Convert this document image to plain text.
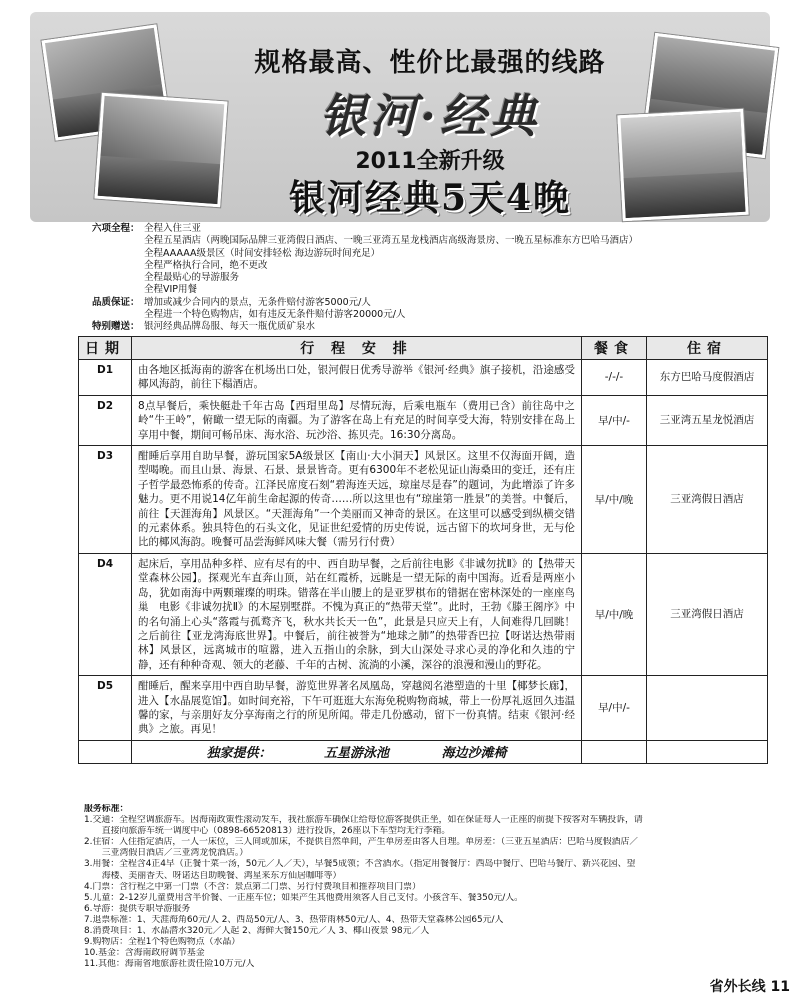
规格最高、性价比最强的线路
银河·经典
2011全新升级
银河经典5天4晚
六项全程： 全程入住三亚
全程五星酒店（两晚国际品牌三亚湾假日酒店、一晚三亚湾五星龙栈酒店高级海景房、一晚五星标准东方巴哈马酒店）
全程AAAAA级景区（时间安排轻松 海边游玩时间充足）
全程严格执行合同，绝不更改
全程最贴心的导游服务
全程VIP用餐
品质保证： 增加或减少合同内的景点，无条件赔付游客5000元/人
全程进一个特色购物店，如有违反无条件赔付游客20000元/人
特别赠送： 银河经典品牌岛服、每天一瓶优质矿泉水
日期	行 程 安 排	餐食	住宿
D1	由各地区抵海南的游客在机场出口处，银河假日优秀导游举《银河·经典》旗子接机，沿途感受椰风海韵，前往下榻酒店。	-/-/-	东方巴哈马度假酒店
D2	8点早餐后，乘快艇赴千年古岛【西瑁里岛】尽情玩海，后乘电瓶车（费用已含）前往岛中之岭“牛王岭”，俯瞰一望无际的南疆。为了游客在岛上有充足的时间享受大海，特别安排在岛上享用中餐，期间可畅吊床、海水浴、玩沙浴、拣贝壳。16:30分离岛。	早/中/-	三亚湾五星龙悦酒店
D3	酣睡后享用自助早餐，游玩国家5A级景区【南山·大小洞天】风景区。这里不仅海面开阔，造型喝晚。而且山景、海景、石景、景景皆奇。更有6300年不老松见证山海桑田的变迁，还有庄子哲学最恐怖系的传奇。江泽民席度石刻“碧海连天远，琼崖尽是春”的题词，为此增添了许多魅力。更不用说14亿年前生命起源的传奇……所以这里也有“琼崖第一胜景”的美誉。中餐后，前往【天涯海角】风景区。“天涯海角”一个美丽而又神奇的景区。在这里可以感受到纵横交错的元素体系。独具特色的石头文化，见证世纪爱情的历史传说，远古留下的坎坷身世，无与伦比的椰风海韵。晚餐可品尝海鲜风味大餐（需另行付费）	早/中/晚	三亚湾假日酒店
D4	起床后，享用品种多样、应有尽有的中、西自助早餐，之后前往电影《非诚勿扰Ⅱ》的【热带天堂森林公园】。探观光车直奔山顶，站在红霞桥，远眺是一望无际的南中国海。近看是两座小岛，犹如南海中两颗璀璨的明珠。错落在半山腰上的是亚罗棋布的错据在密林深处的一座座鸟巢　电影《非诚勿扰Ⅱ》的木屋别墅群。不愧为真正的“热带天堂”。此时，王勃《滕王阁序》中的名句涌上心头“落霞与孤鹜齐飞，秋水共长天一色”，此景是只应天上有，人间难得几回眺！之后前往【亚龙湾海底世界】。中餐后，前往被誉为“地球之肺”的热带香巴拉【呀诺达热带雨林】风景区，远离城市的喧嚣，进入五指山的余脉，到大山深处寻求心灵的净化和久违的宁静，还有种种奇观、领大的老藤、千年的古树、流淌的小溪，深谷的浪漫和漫山的野花。	早/中/晚	三亚湾假日酒店
D5	酣睡后，醒来享用中西自助早餐，游览世界著名凤凰岛，穿越阅名港塑造的十里【椰梦长廊】，进入【水晶展览馆】。如时间充裕，下午可逛逛大东海免税购物商城，带上一份厚礼返回久违温馨的家，与亲朋好友分享海南之行的所见所闻。带走几份感动，留下一份真情。结束《银河·经典》之旅。再见！	早/中/-	
	独家提供： 五星游泳池 海边沙滩椅		
服务标准：
1.交通：全程空调旅游车。因海南政策性滚动发车，我社旅游车确保让给每位游客提供正坐，如在保证每人一正座的前提下按客对车辆投诉，请
　　直接向旅游车统一调度中心（0898-66520813）进行投诉，26座以下车型均无行李箱。
2.住宿：入住指定酒店，一人一床位，三人间或加床，不提供自然单间，产生单房差由客人自理。单房差：（三亚五星酒店：巴哈马度假酒店／
　　三亚湾假日酒店／三亚湾龙悦酒店。）
3.用餐：全程含4正4早（正餐十菜一汤，50元／人／天），早餐5成领；不含酒水。（指定用餐餐厅：西岛中餐厅、巴哈马餐厅、新兴花园、望
　　海楼、美丽香天、呀诺达自助晚餐、鸿星来东方仙居咖啡等）
4.门票：含行程之中第一门票（不含：景点第二门票、另行付费项目和推荐项目门票）
5.儿童：2-12岁儿童费用含半价餐、一正座车位；如果产生其他费用须客人自己支付。小孩含车、餐350元/人。
6.导游：提供专职导游服务
7.退票标准：1、天涯海角60元/人 2、西岛50元/人、3、热带雨林50元/人、4、热带天堂森林公园65元/人
8.消费项目：1、水晶潜水320元／人起 2、海鲜大餐150元／人 3、椰山夜景 98元／人
9.购物店：全程1个特色购物点（水晶）
10.基金：含海南政府调节基金
11.其他：海南省地旅游社责任险10万元/人
省外长线 11
